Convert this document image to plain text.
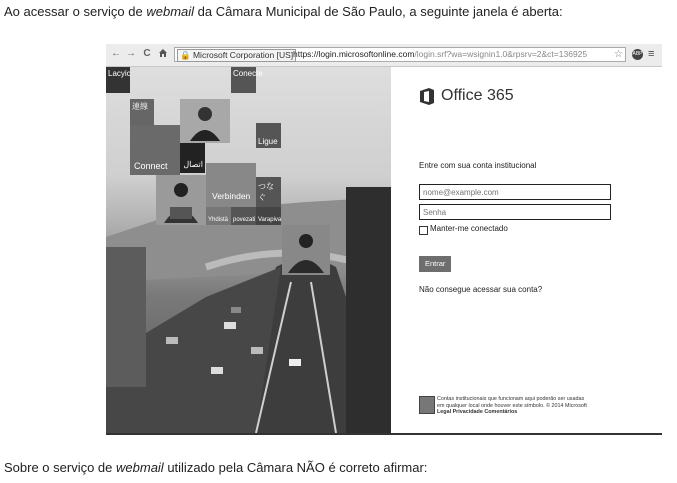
Ao acessar o serviço de webmail da Câmara Municipal de São Paulo, a seguinte janela é aberta:
← → C	🔒 Microsoft Corporation [US] https://login.microsoftonline.com/login.srf?wa=wsignin1.0&rpsrv=2&ct=136925	☆ ABP ≡
Lacyic	Conecte
連線
Ligue
Connect اتصال
Verbinden
つなぐ
Yhdistä povezati Varapiva
Office 365
Entre com sua conta institucional
nome@example.com
Manter-me conectado
Entrar
Não consegue acessar sua conta?
Contas institucionais que funcionam aqui poderão ser usadas
em qualquer local onde houver este símbolo. © 2014 Microsoft
Legal Privacidade Comentários
Sobre o serviço de webmail utilizado pela Câmara NÃO é correto afirmar:
